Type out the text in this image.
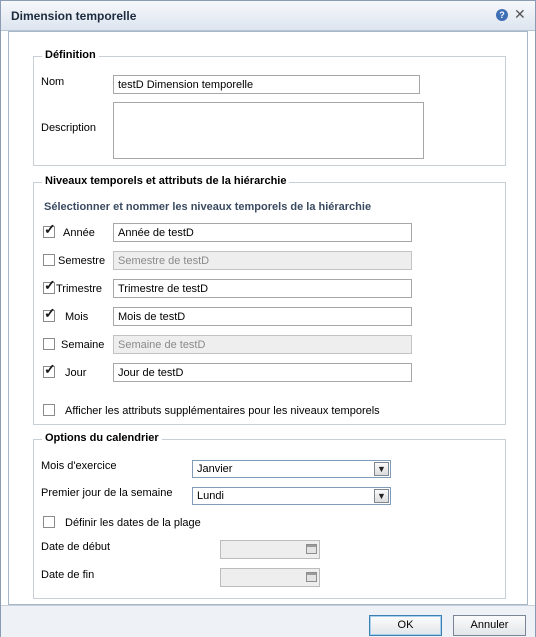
Dimension temporelle	? ✕
Définition
Nom	testD Dimension temporelle
Description
Niveaux temporels et attributs de la hiérarchie
Sélectionner et nommer les niveaux temporels de la hiérarchie
✓ Année	Année de testD
Semestre	Semestre de testD
✓ Trimestre	Trimestre de testD
✓ Mois	Mois de testD
Semaine	Semaine de testD
✓ Jour	Jour de testD
Afficher les attributs supplémentaires pour les niveaux temporels
Options du calendrier
Mois d'exercice	Janvier	▼
Premier jour de la semaine	Lundi	▼
Définir les dates de la plage
Date de début
Date de fin
OK	Annuler
